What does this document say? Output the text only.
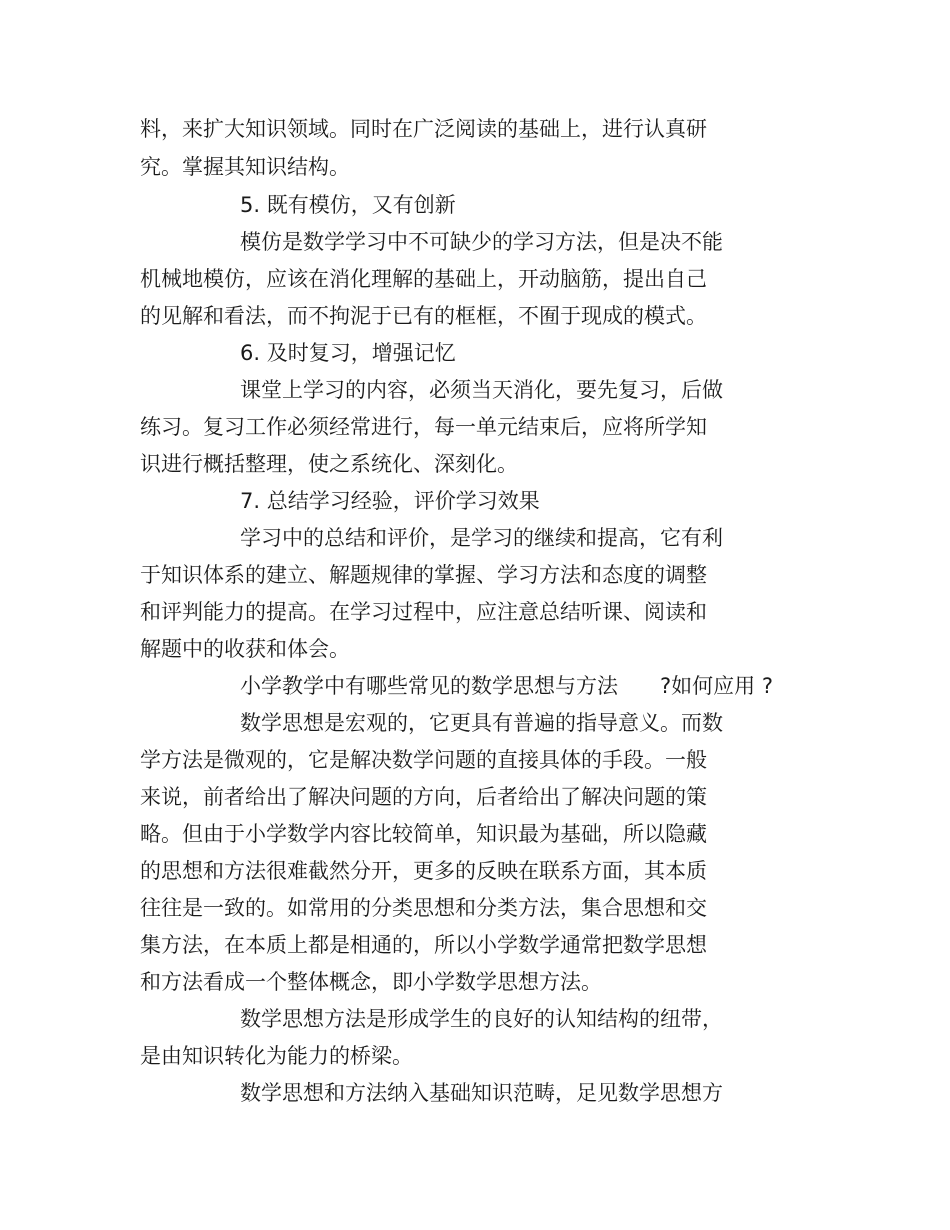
料，来扩大知识领域。同时在广泛阅读的基础上，进行认真研
究。掌握其知识结构。
5. 既有模仿，又有创新
模仿是数学学习中不可缺少的学习方法，但是决不能
机械地模仿，应该在消化理解的基础上，开动脑筋，提出自己
的见解和看法，而不拘泥于已有的框框，不囿于现成的模式。
6. 及时复习，增强记忆
课堂上学习的内容，必须当天消化，要先复习，后做
练习。复习工作必须经常进行，每一单元结束后，应将所学知
识进行概括整理，使之系统化、深刻化。
7. 总结学习经验，评价学习效果
学习中的总结和评价，是学习的继续和提高，它有利
于知识体系的建立、解题规律的掌握、学习方法和态度的调整
和评判能力的提高。在学习过程中，应注意总结听课、阅读和
解题中的收获和体会。
小学教学中有哪些常见的数学思想与方法　　?如何应用 ?
数学思想是宏观的，它更具有普遍的指导意义。而数
学方法是微观的，它是解决数学问题的直接具体的手段。一般
来说，前者给出了解决问题的方向，后者给出了解决问题的策
略。但由于小学数学内容比较简单，知识最为基础，所以隐藏
的思想和方法很难截然分开，更多的反映在联系方面，其本质
往往是一致的。如常用的分类思想和分类方法，集合思想和交
集方法，在本质上都是相通的，所以小学数学通常把数学思想
和方法看成一个整体概念，即小学数学思想方法。
数学思想方法是形成学生的良好的认知结构的纽带，
是由知识转化为能力的桥梁。
数学思想和方法纳入基础知识范畴，足见数学思想方
